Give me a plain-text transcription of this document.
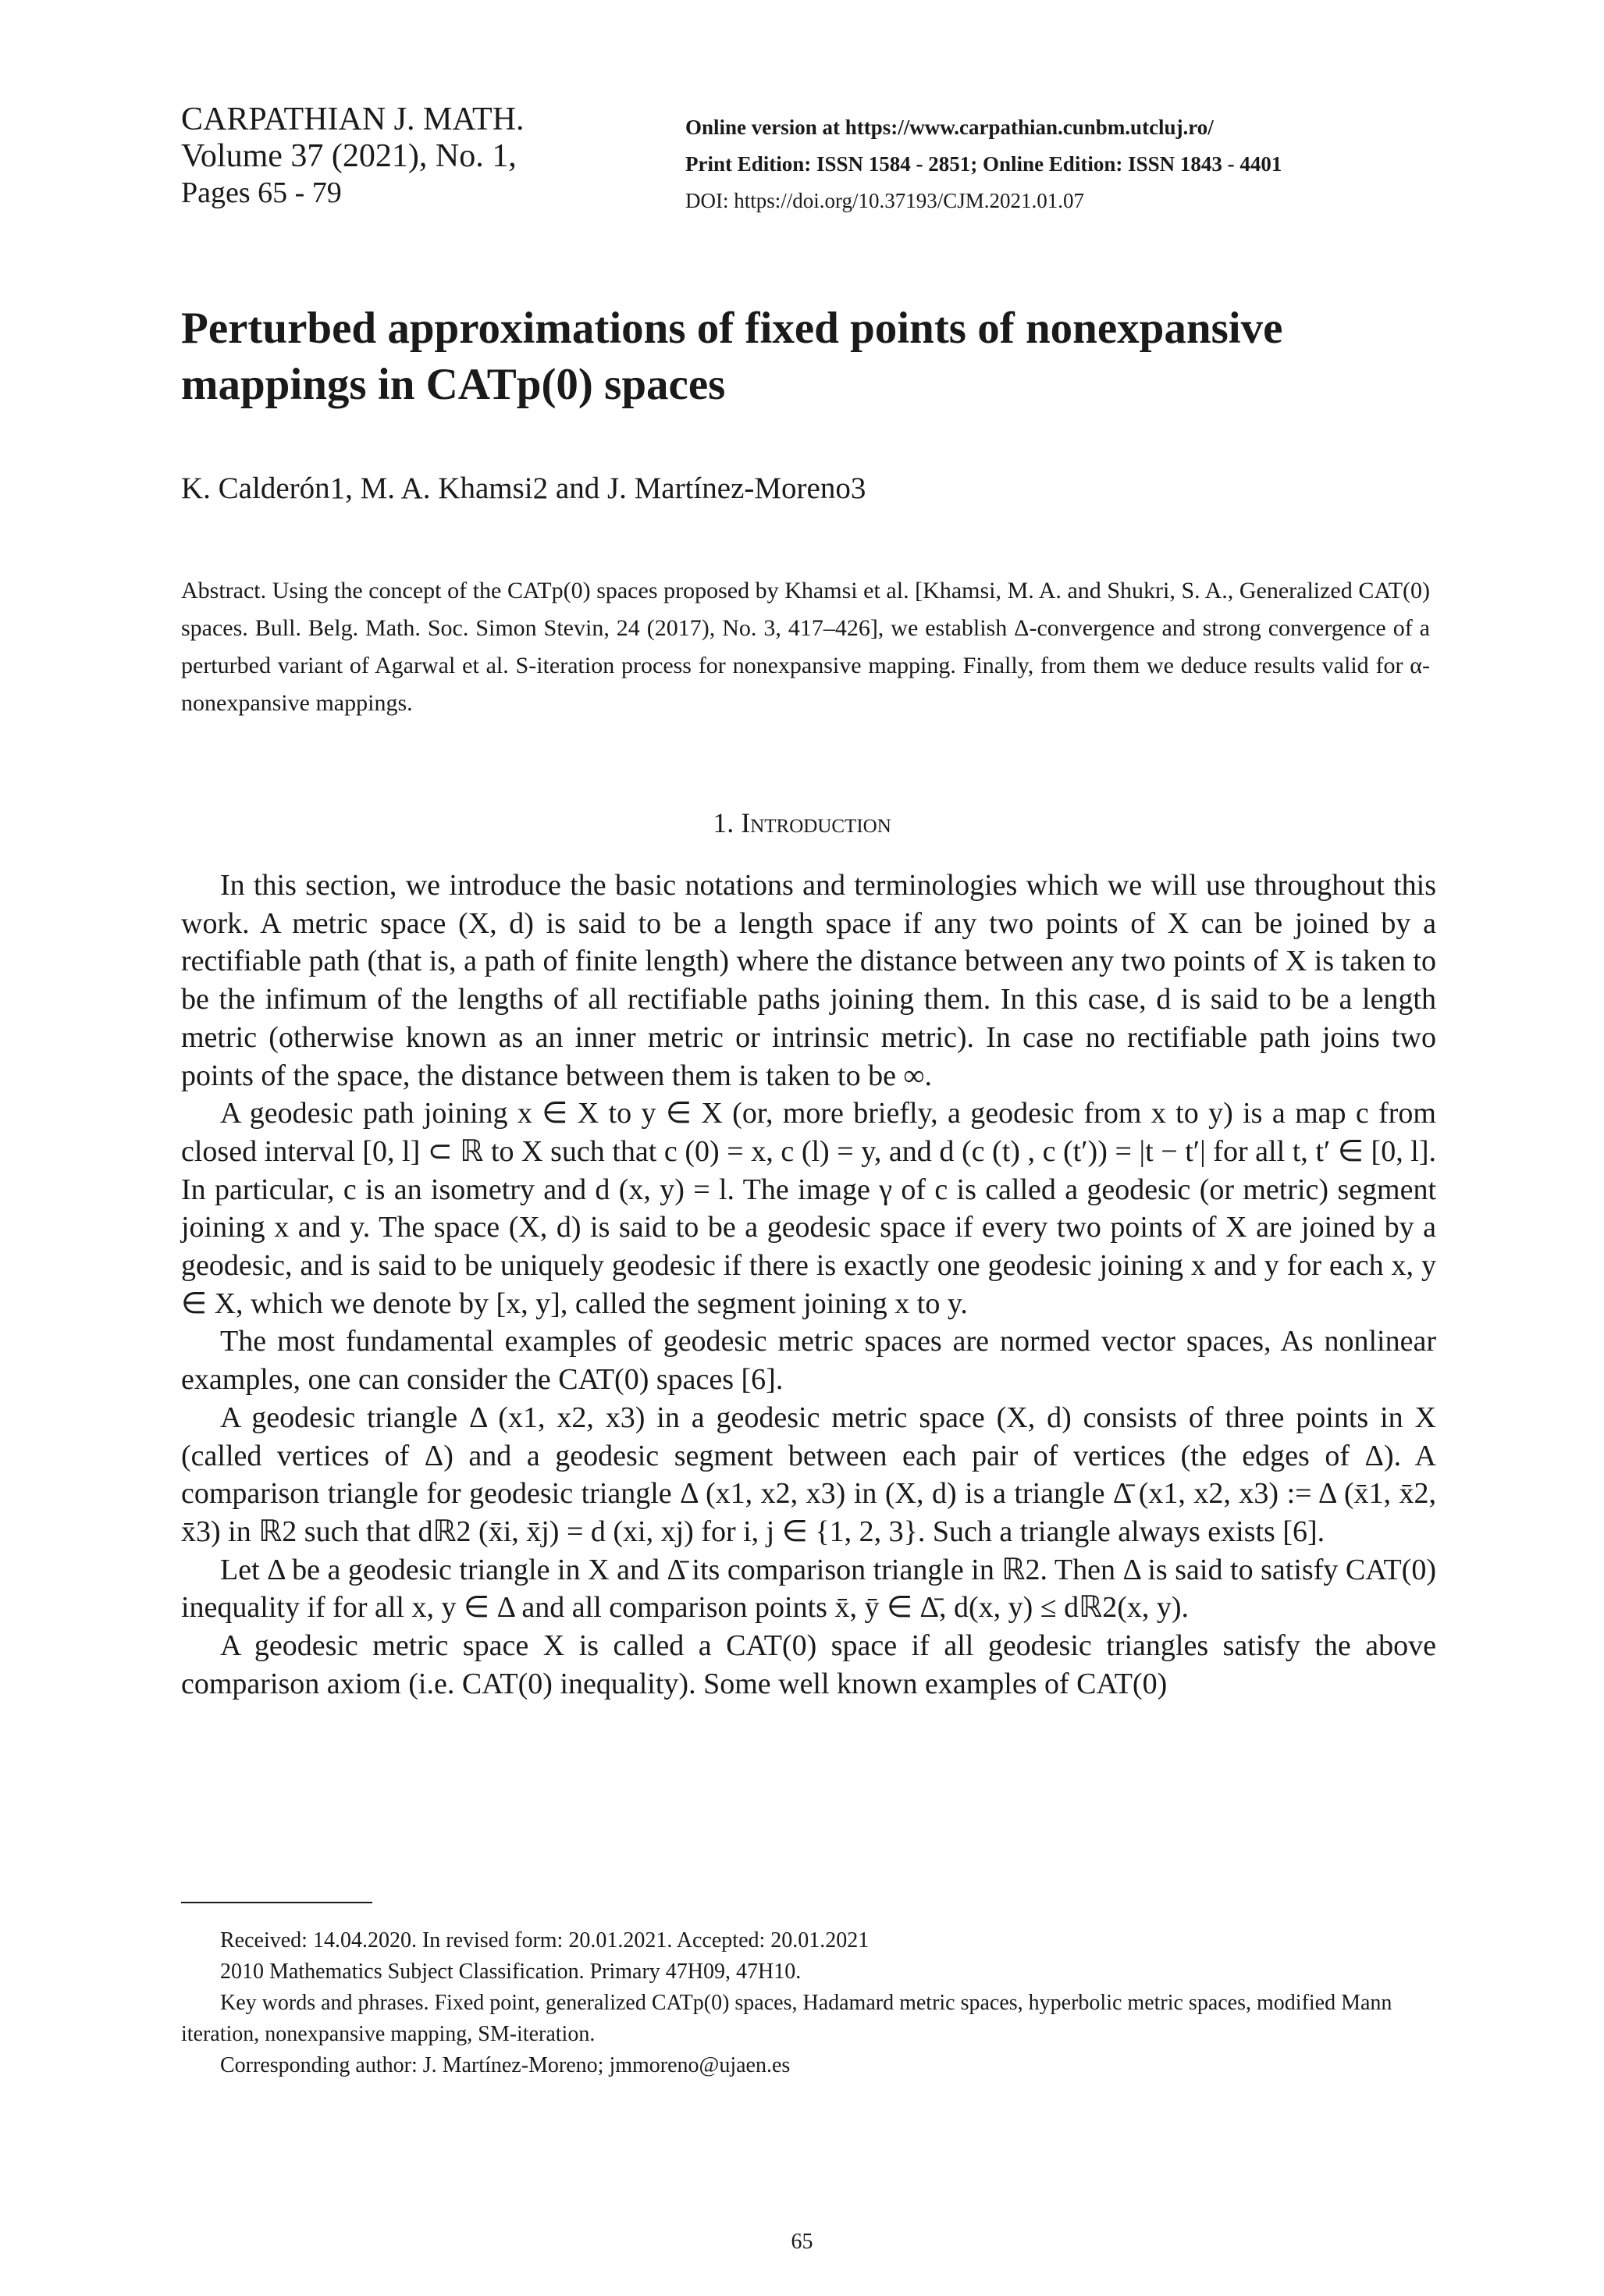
CARPATHIAN J. MATH.
Volume 37 (2021), No. 1,
Pages 65 - 79
Online version at https://www.carpathian.cunbm.utcluj.ro/
Print Edition: ISSN 1584 - 2851; Online Edition: ISSN 1843 - 4401
DOI: https://doi.org/10.37193/CJM.2021.01.07
Perturbed approximations of fixed points of nonexpansive
mappings in CATp(0) spaces
K. Calderón1, M. A. Khamsi2 and J. Martínez-Moreno3
Abstract. Using the concept of the CATp(0) spaces proposed by Khamsi et al. [Khamsi, M. A. and Shukri, S. A., Generalized CAT(0) spaces. Bull. Belg. Math. Soc. Simon Stevin, 24 (2017), No. 3, 417–426], we establish Δ-convergence and strong convergence of a perturbed variant of Agarwal et al. S-iteration process for nonexpansive mapping. Finally, from them we deduce results valid for α-nonexpansive mappings.
1. Introduction

In this section, we introduce the basic notations and terminologies which we will use throughout this work. A metric space (X, d) is said to be a length space if any two points of X can be joined by a rectifiable path (that is, a path of finite length) where the distance between any two points of X is taken to be the infimum of the lengths of all rectifiable paths joining them. In this case, d is said to be a length metric (otherwise known as an inner metric or intrinsic metric). In case no rectifiable path joins two points of the space, the distance between them is taken to be ∞.

A geodesic path joining x ∈ X to y ∈ X (or, more briefly, a geodesic from x to y) is a map c from closed interval [0, l] ⊂ ℝ to X such that c (0) = x, c (l) = y, and d (c (t) , c (t′)) = |t − t′| for all t, t′ ∈ [0, l]. In particular, c is an isometry and d (x, y) = l. The image γ of c is called a geodesic (or metric) segment joining x and y. The space (X, d) is said to be a geodesic space if every two points of X are joined by a geodesic, and is said to be uniquely geodesic if there is exactly one geodesic joining x and y for each x, y ∈ X, which we denote by [x, y], called the segment joining x to y.

The most fundamental examples of geodesic metric spaces are normed vector spaces, As nonlinear examples, one can consider the CAT(0) spaces [6].

A geodesic triangle Δ (x1, x2, x3) in a geodesic metric space (X, d) consists of three points in X (called vertices of Δ) and a geodesic segment between each pair of vertices (the edges of Δ). A comparison triangle for geodesic triangle Δ (x1, x2, x3) in (X, d) is a triangle Δ̄ (x1, x2, x3) := Δ (x̄1, x̄2, x̄3) in ℝ2 such that dℝ2 (x̄i, x̄j) = d (xi, xj) for i, j ∈ {1, 2, 3}. Such a triangle always exists [6].

Let Δ be a geodesic triangle in X and Δ̄ its comparison triangle in ℝ2. Then Δ is said to satisfy CAT(0) inequality if for all x, y ∈ Δ and all comparison points x̄, ȳ ∈ Δ̄, d(x, y) ≤ dℝ2(x, y).

A geodesic metric space X is called a CAT(0) space if all geodesic triangles satisfy the above comparison axiom (i.e. CAT(0) inequality). Some well known examples of CAT(0)

Received: 14.04.2020. In revised form: 20.01.2021. Accepted: 20.01.2021

2010 Mathematics Subject Classification. Primary 47H09, 47H10.

Key words and phrases. Fixed point, generalized CATp(0) spaces, Hadamard metric spaces, hyperbolic metric spaces, modified Mann iteration, nonexpansive mapping, SM-iteration.

Corresponding author: J. Martínez-Moreno; jmmoreno@ujaen.es

65
